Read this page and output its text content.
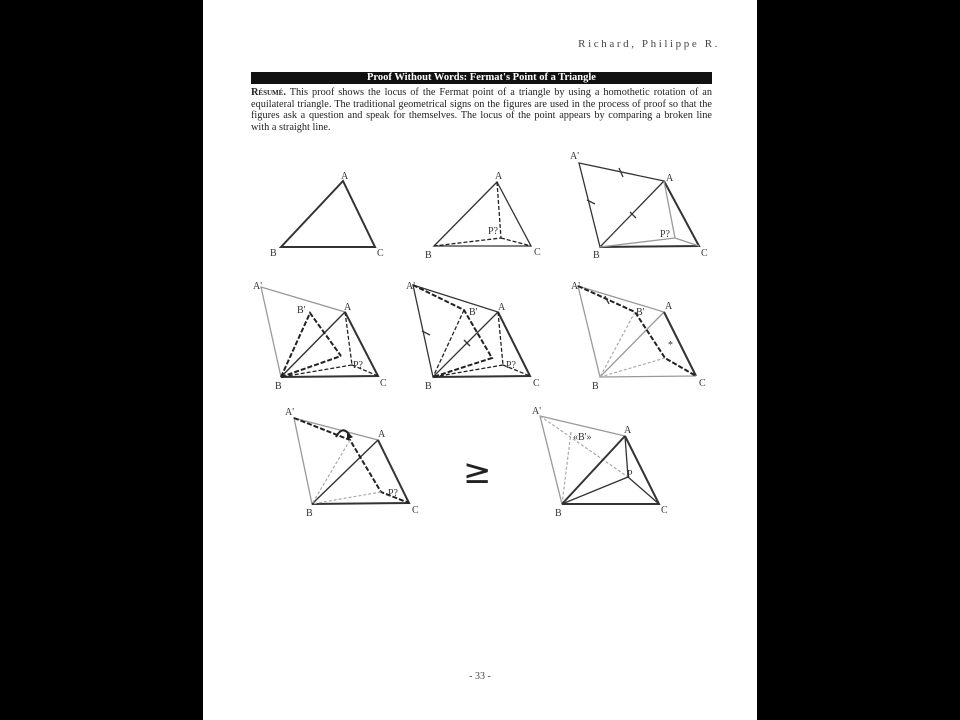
Richard, Philippe R.
Proof Without Words: Fermat's Point of a Triangle
Résumé. This proof shows the locus of the Fermat point of a triangle by using a homothetic rotation of an equilateral triangle. The traditional geometrical signs on the figures are used in the process of proof so that the figures ask a question and speak for themselves. The locus of the point appears by comparing a broken line with a straight line.
A
B	C
A
P?
B	C
A'
A
P?
B	C
A'
B'	A
P?
B	C
A'
B' A
P?
B	C
*
A'
B'
A
B	C
A'
A
P?
B	C
≥
A'
«B'»
A
P
B	C
- 33 -
